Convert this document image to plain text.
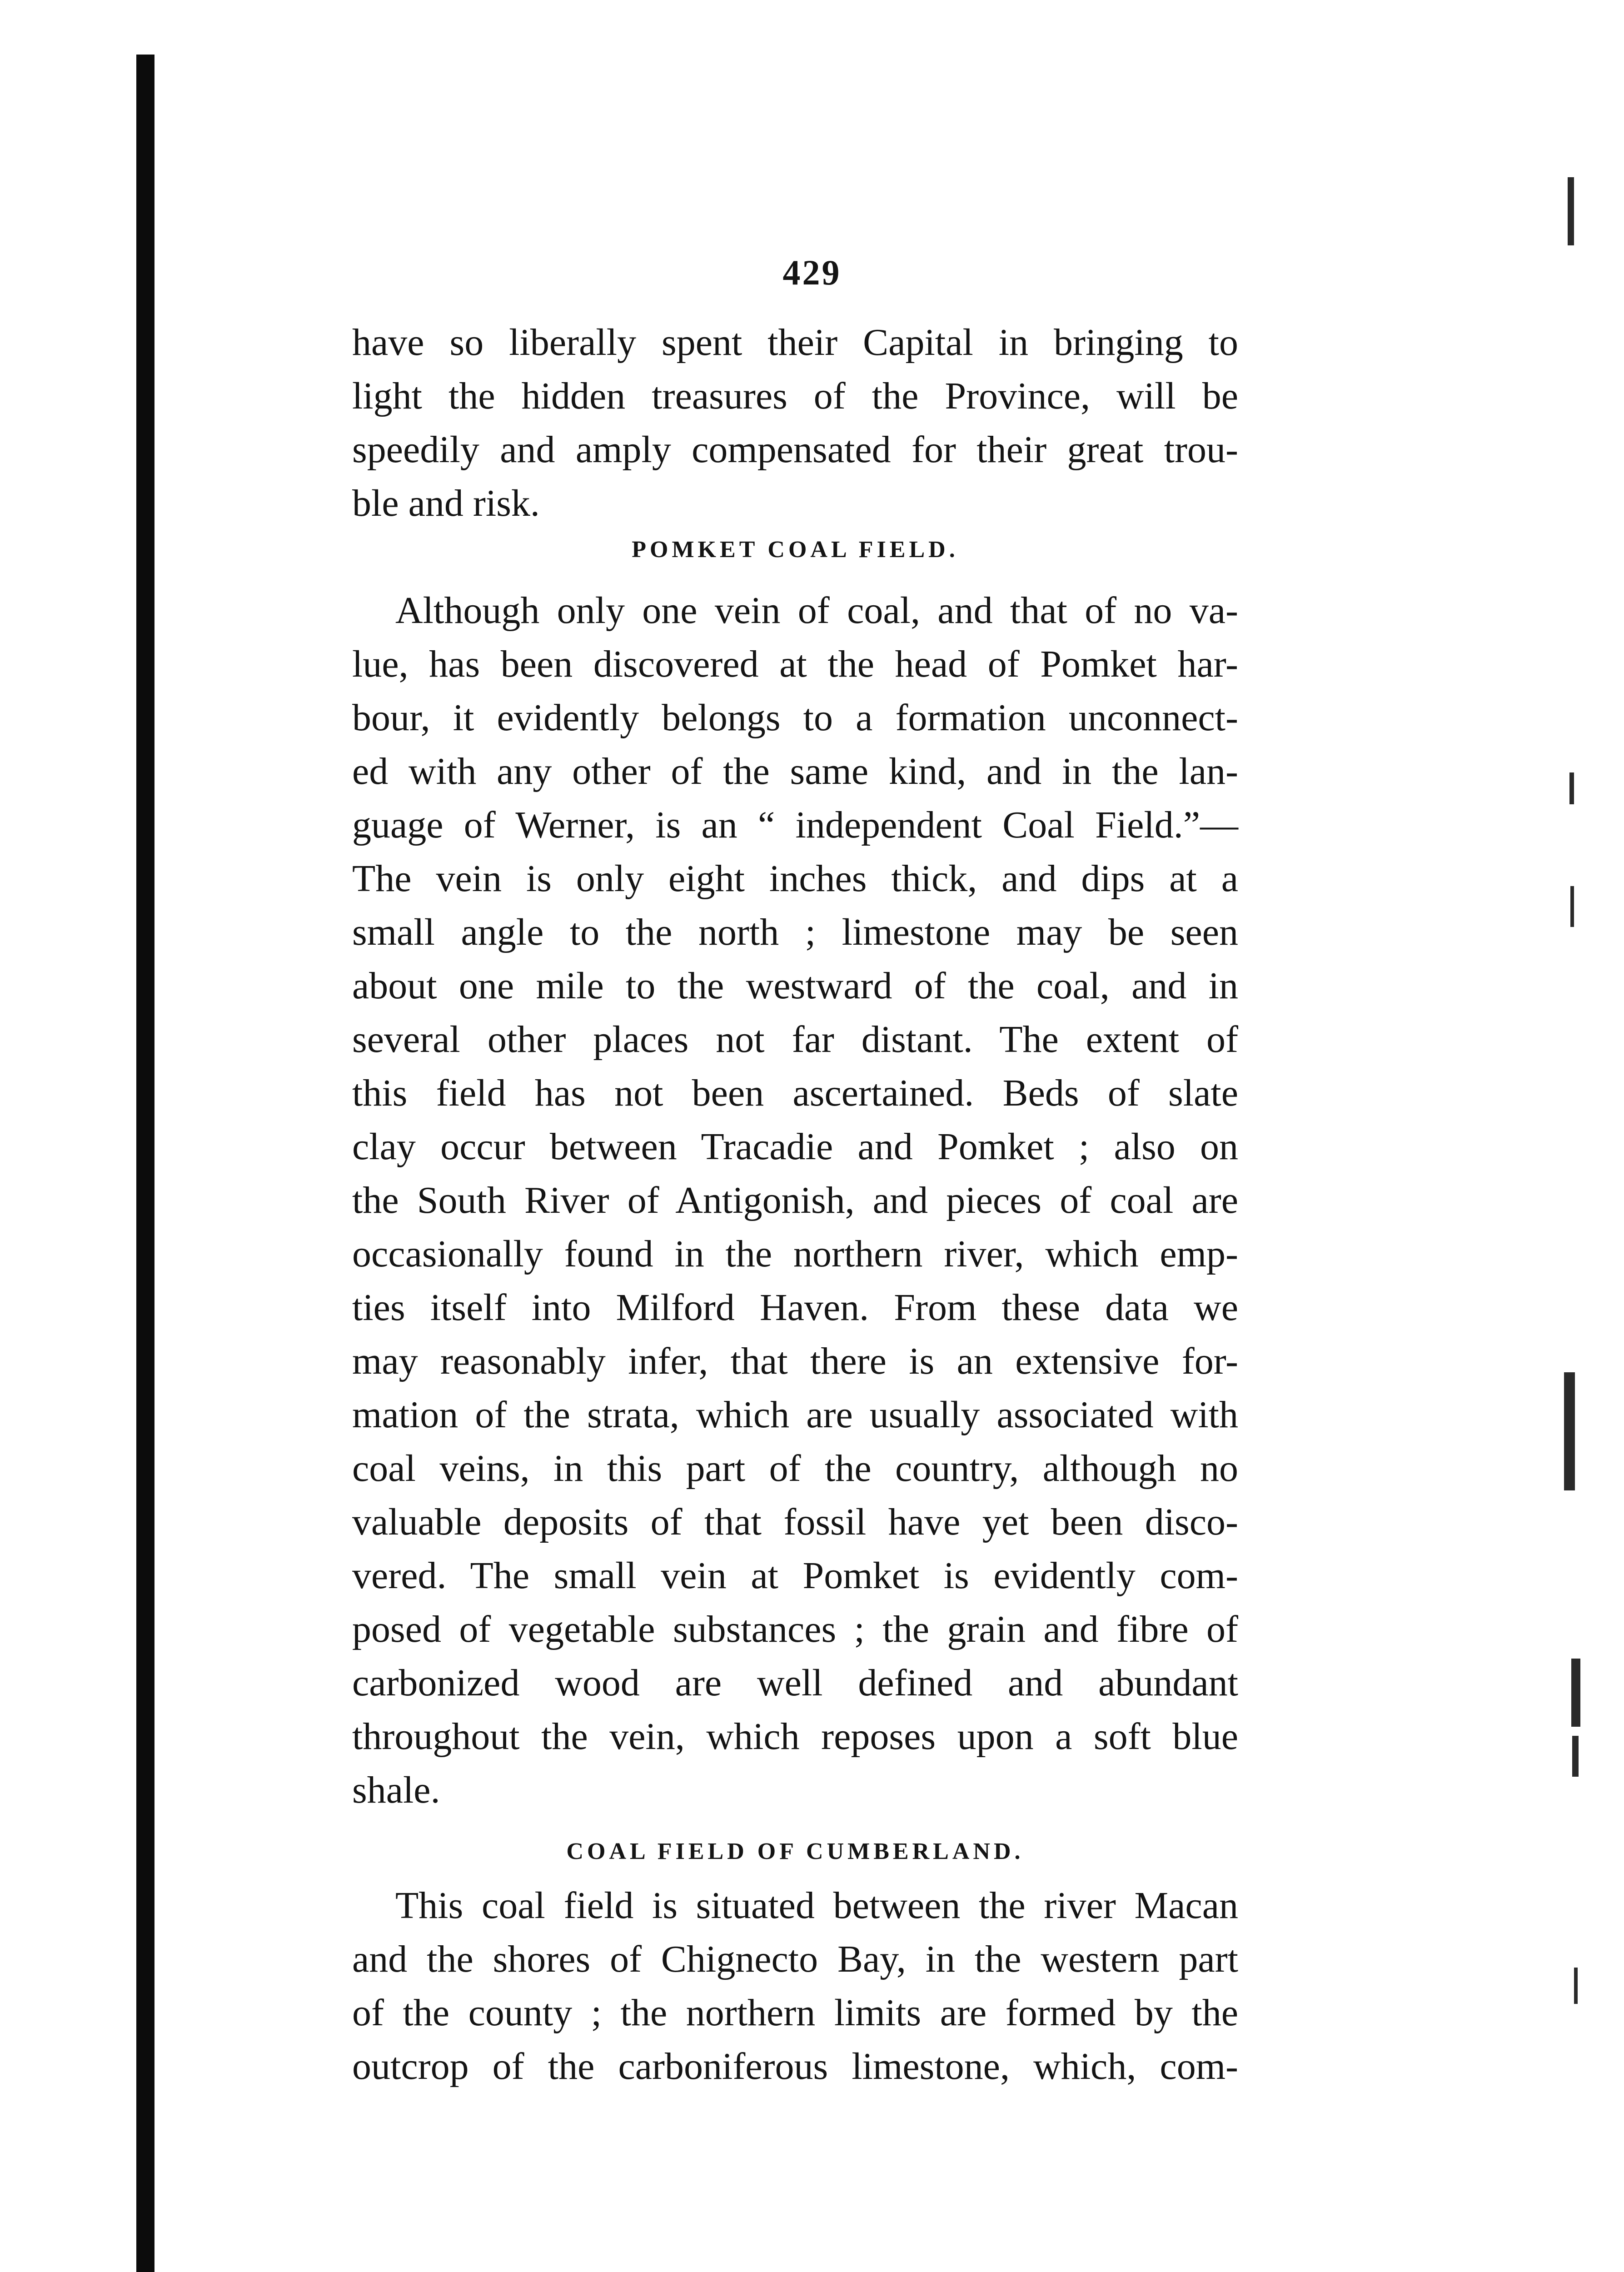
429
have so liberally spent their Capital in bringing to
light the hidden treasures of the Province, will be
speedily and amply compensated for their great trou-
ble and risk.
POMKET COAL FIELD.
Although only one vein of coal, and that of no va-
lue, has been discovered at the head of Pomket har-
bour, it evidently belongs to a formation unconnect-
ed with any other of the same kind, and in the lan-
guage of Werner, is an “ independent Coal Field.”—
The vein is only eight inches thick, and dips at a
small angle to the north ; limestone may be seen
about one mile to the westward of the coal, and in
several other places not far distant. The extent of
this field has not been ascertained. Beds of slate
clay occur between Tracadie and Pomket ; also on
the South River of Antigonish, and pieces of coal are
occasionally found in the northern river, which emp-
ties itself into Milford Haven. From these data we
may reasonably infer, that there is an extensive for-
mation of the strata, which are usually associated with
coal veins, in this part of the country, although no
valuable deposits of that fossil have yet been disco-
vered. The small vein at Pomket is evidently com-
posed of vegetable substances ; the grain and fibre of
carbonized wood are well defined and abundant
throughout the vein, which reposes upon a soft blue
shale.
COAL FIELD OF CUMBERLAND.
This coal field is situated between the river Macan
and the shores of Chignecto Bay, in the western part
of the county ; the northern limits are formed by the
outcrop of the carboniferous limestone, which, com-
